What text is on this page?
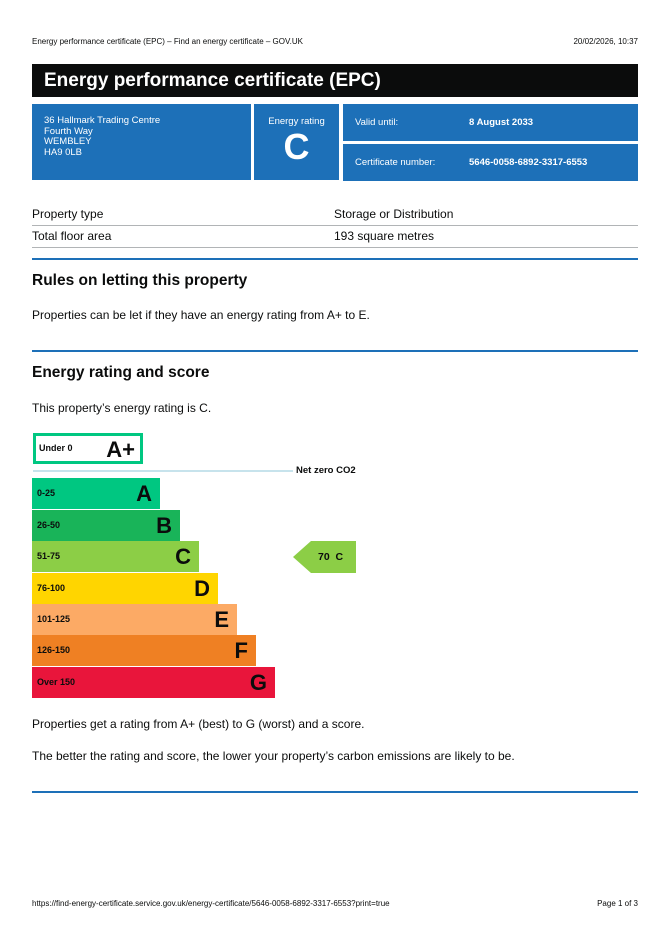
Energy performance certificate (EPC) – Find an energy certificate – GOV.UK	20/02/2026, 10:37
Energy performance certificate (EPC)
36 Hallmark Trading Centre
Fourth Way
WEMBLEY
HA9 0LB
Energy rating
C
Valid until:	8 August 2033
Certificate number:	5646-0058-6892-3317-6553
Property type	Storage or Distribution
Total floor area	193 square metres
Rules on letting this property

Properties can be let if they have an energy rating from A+ to E.

Energy rating and score

This property’s energy rating is C.

Under 0 A+
Net zero CO2
0-25	A
26-50	B
51-75	C
76-100	D
101-125	E
126-150	F
Over 150	G
70 C

Properties get a rating from A+ (best) to G (worst) and a score.

The better the rating and score, the lower your property’s carbon emissions are likely to be.

https://find-energy-certificate.service.gov.uk/energy-certificate/5646-0058-6892-3317-6553?print=true	Page 1 of 3
